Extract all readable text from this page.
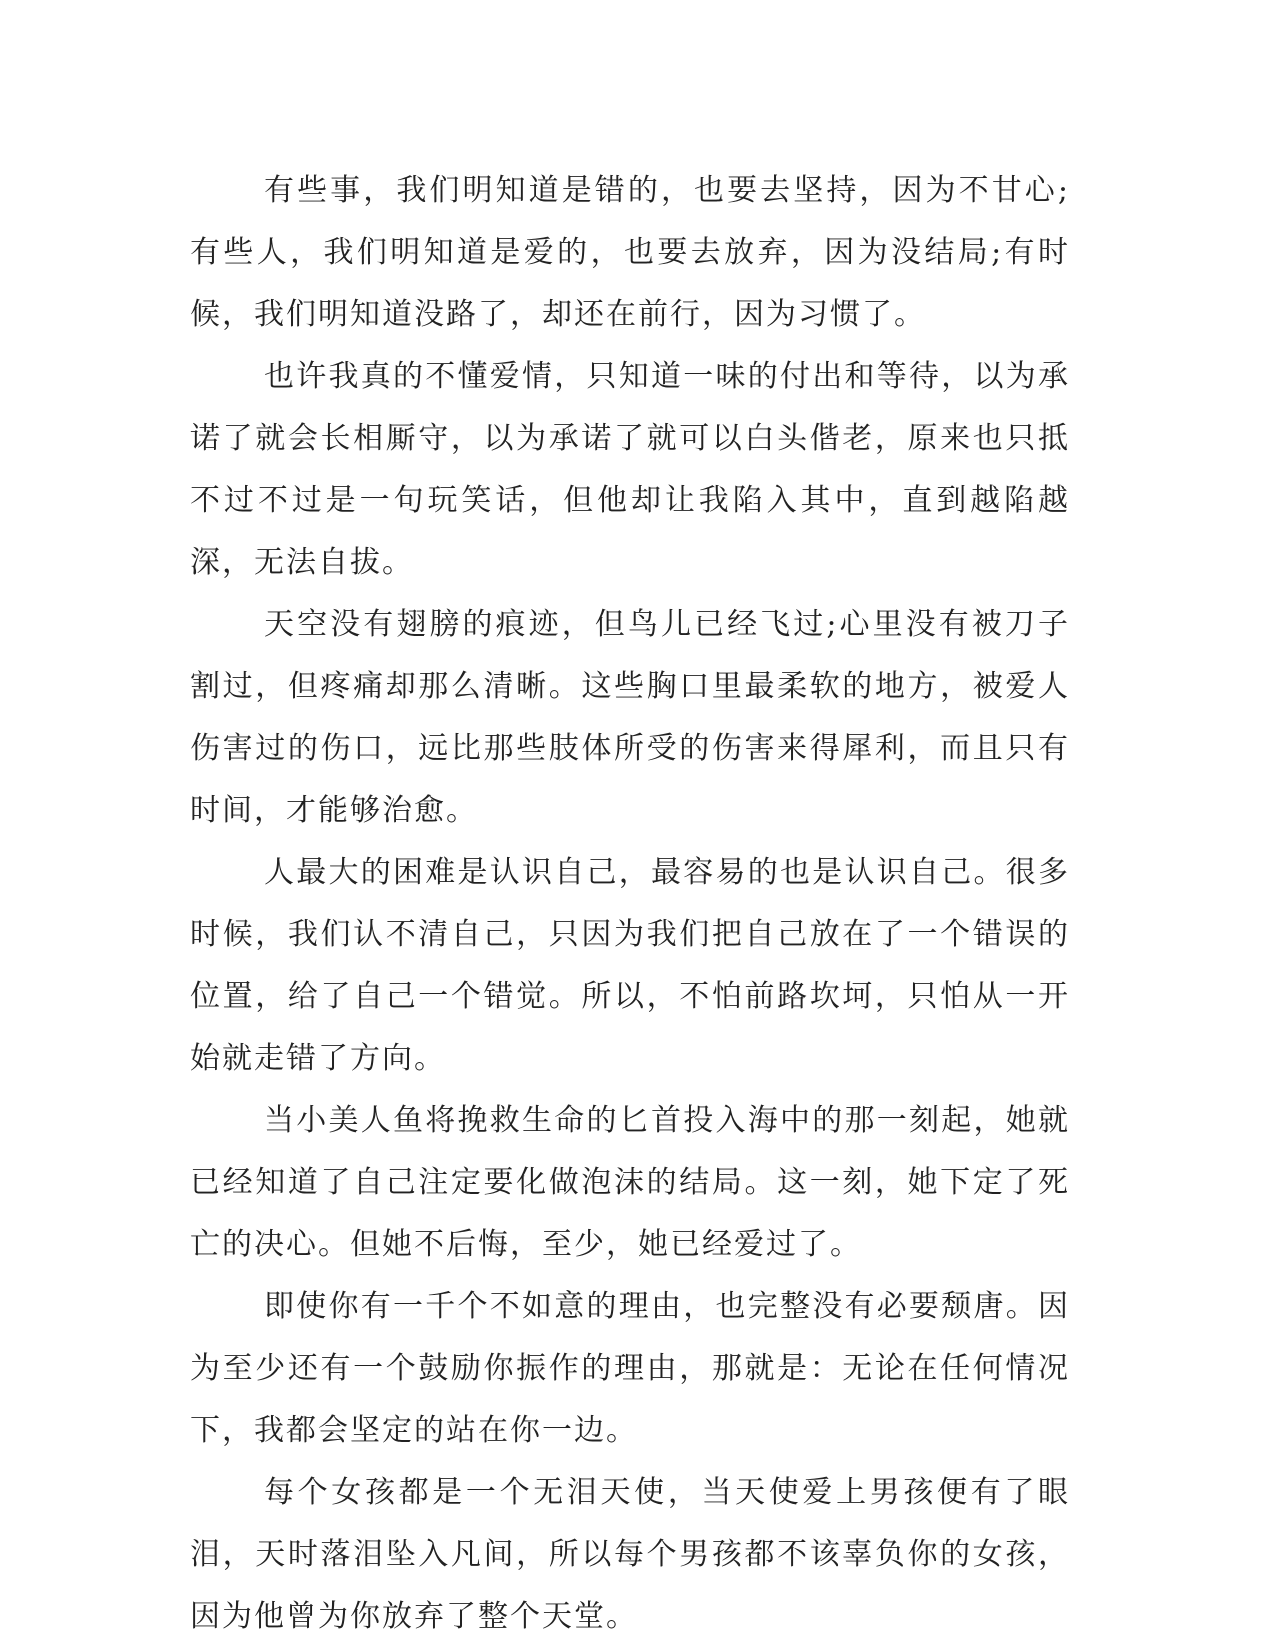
有些事，我们明知道是错的，也要去坚持，因为不甘心;有些人，我们明知道是爱的，也要去放弃，因为没结局;有时候，我们明知道没路了，却还在前行，因为习惯了。

也许我真的不懂爱情，只知道一味的付出和等待，以为承诺了就会长相厮守，以为承诺了就可以白头偕老，原来也只抵不过不过是一句玩笑话，但他却让我陷入其中，直到越陷越深，无法自拔。

天空没有翅膀的痕迹，但鸟儿已经飞过;心里没有被刀子割过，但疼痛却那么清晰。这些胸口里最柔软的地方，被爱人伤害过的伤口，远比那些肢体所受的伤害来得犀利，而且只有时间，才能够治愈。

人最大的困难是认识自己，最容易的也是认识自己。很多时候，我们认不清自己，只因为我们把自己放在了一个错误的位置，给了自己一个错觉。所以，不怕前路坎坷，只怕从一开始就走错了方向。

当小美人鱼将挽救生命的匕首投入海中的那一刻起，她就已经知道了自己注定要化做泡沫的结局。这一刻，她下定了死亡的决心。但她不后悔，至少，她已经爱过了。

即使你有一千个不如意的理由，也完整没有必要颓唐。因为至少还有一个鼓励你振作的理由，那就是：无论在任何情况下，我都会坚定的站在你一边。

每个女孩都是一个无泪天使，当天使爱上男孩便有了眼泪，天时落泪坠入凡间，所以每个男孩都不该辜负你的女孩，因为他曾为你放弃了整个天堂。
